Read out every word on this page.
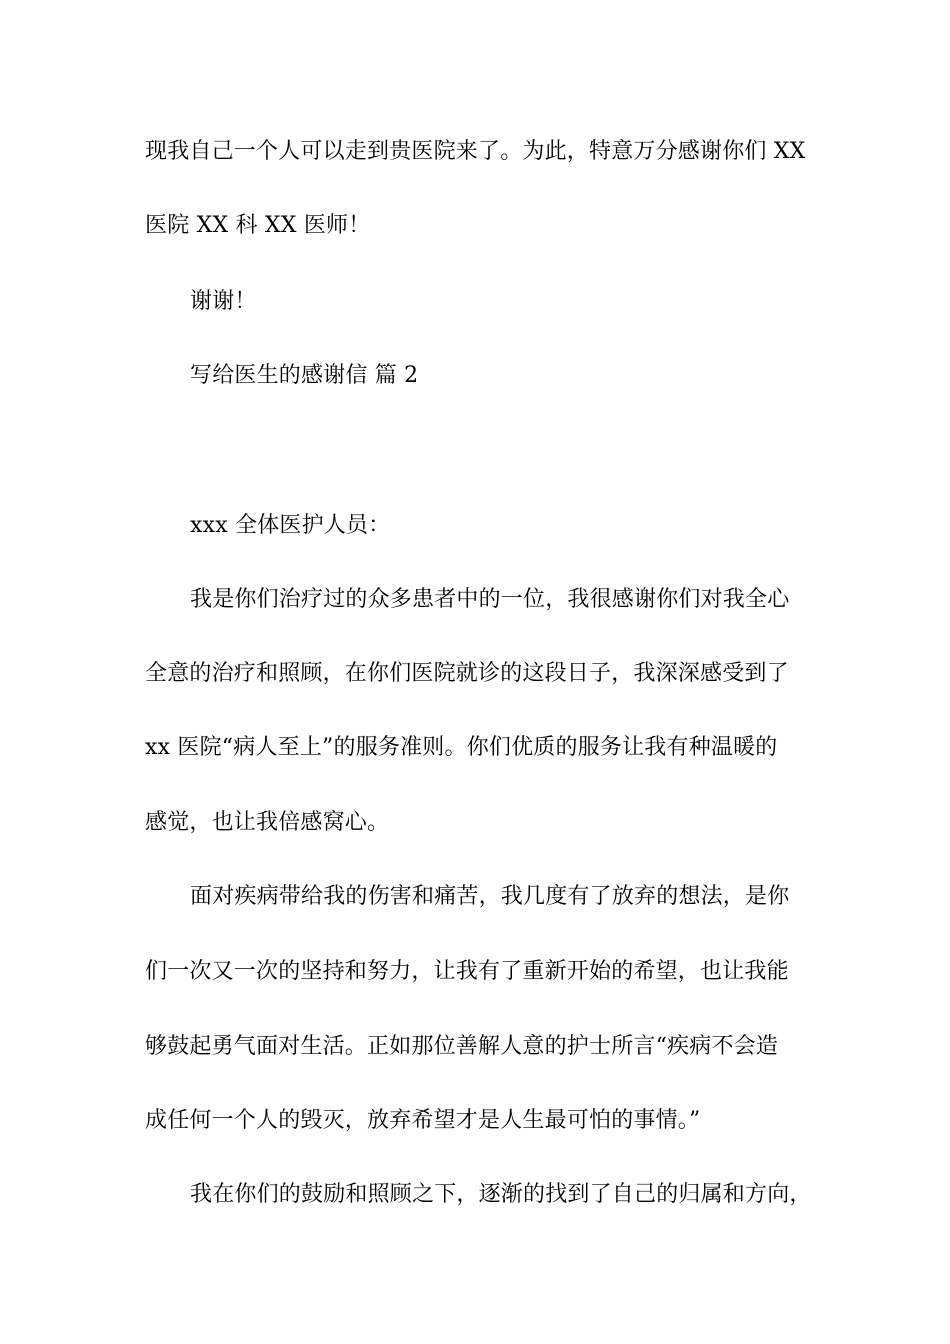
现我自己一个人可以走到贵医院来了。为此，特意万分感谢你们 XX
医院 XX 科 XX 医师！
谢谢！
写给医生的感谢信 篇 2
xxx 全体医护人员：
我是你们治疗过的众多患者中的一位，我很感谢你们对我全心
全意的治疗和照顾，在你们医院就诊的这段日子，我深深感受到了
xx 医院“病人至上”的服务准则。你们优质的服务让我有种温暖的
感觉，也让我倍感窝心。
面对疾病带给我的伤害和痛苦，我几度有了放弃的想法，是你
们一次又一次的坚持和努力，让我有了重新开始的希望，也让我能
够鼓起勇气面对生活。正如那位善解人意的护士所言“疾病不会造
成任何一个人的毁灭，放弃希望才是人生最可怕的事情。”
我在你们的鼓励和照顾之下，逐渐的找到了自己的归属和方向，
